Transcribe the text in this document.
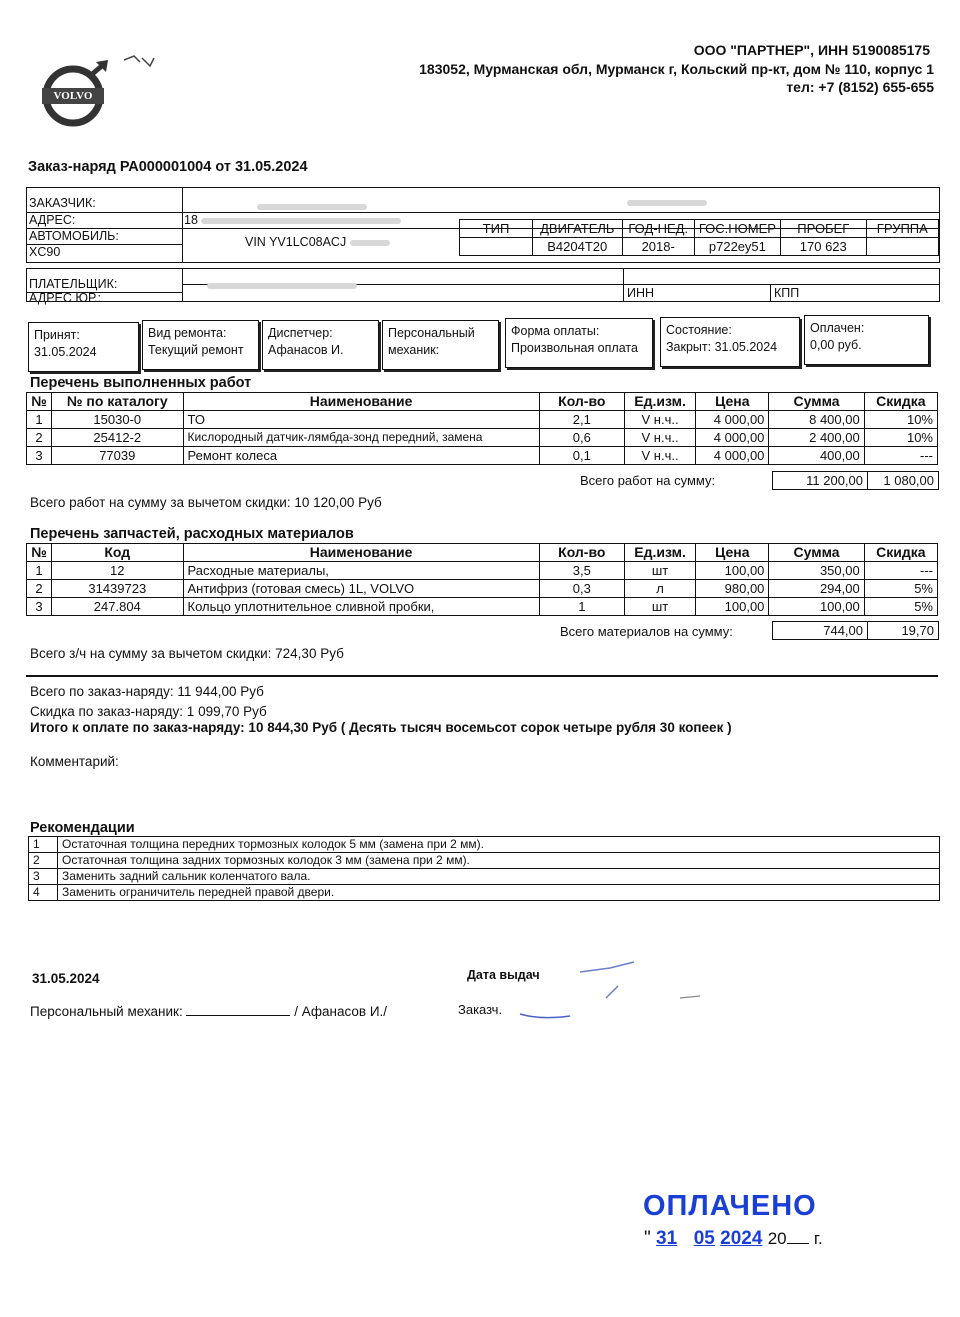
VOLVO
ООО "ПАРТНЕР", ИНН 5190085175
183052, Мурманская обл, Мурманск г, Кольский пр-кт, дом № 110, корпус 1
тел: +7 (8152) 655-655
Заказ-наряд РА000001004 от 31.05.2024
ЗАКАЗЧИК:
АДРЕС:	18
АВТОМОБИЛЬ:
XC90
VIN YV1LC08ACJ
ТИП	ДВИГАТЕЛЬ	ГОД-НЕД.	ГОС.НОМЕР	ПРОБЕГ	ГРУППА
	B4204T20	2018-	р722еу51	170 623	
ПЛАТЕЛЬЩИК:
АДРЕС ЮР.:	ИНН	КПП
Принят:
31.05.2024
Вид ремонта:
Текущий ремонт
Диспетчер:
Афанасов И.
Персональный
механик:
Форма оплаты:
Произвольная оплата
Состояние:
Закрыт: 31.05.2024
Оплачен:
0,00 руб.
Перечень выполненных работ
№	№ по каталогу	Наименование	Кол-во	Ед.изм.	Цена	Сумма	Скидка
1	15030-0	ТО	2,1	V н.ч..	4 000,00	8 400,00	10%
2	25412-2	Кислородный датчик-лямбда-зонд передний, замена	0,6	V н.ч..	4 000,00	2 400,00	10%
3	77039	Ремонт колеса	0,1	V н.ч..	4 000,00	400,00	---
Всего работ на сумму:	11 200,00	1 080,00
Всего работ на сумму за вычетом скидки: 10 120,00 Руб
Перечень запчастей, расходных материалов
№	Код	Наименование	Кол-во	Ед.изм.	Цена	Сумма	Скидка
1	12	Расходные материалы,	3,5	шт	100,00	350,00	---
2	31439723	Антифриз (готовая смесь) 1L, VOLVO	0,3	л	980,00	294,00	5%
3	247.804	Кольцо уплотнительное сливной пробки,	1	шт	100,00	100,00	5%
Всего материалов на сумму:	744,00	19,70
Всего з/ч на сумму за вычетом скидки: 724,30 Руб
Всего по заказ-наряду: 11 944,00 Руб
Скидка по заказ-наряду: 1 099,70 Руб
Итого к оплате по заказ-наряду: 10 844,30 Руб ( Десять тысяч восемьсот сорок четыре рубля 30 копеек )
Комментарий:
Рекомендации
1	Остаточная толщина передних тормозных колодок 5 мм (замена при 2 мм).
2	Остаточная толщина задних тормозных колодок 3 мм (замена при 2 мм).
3	Заменить задний сальник коленчатого вала.
4	Заменить ограничитель передней правой двери.
31.05.2024
Персональный механик:	/ Афанасов И./
Дата выдач
Заказч.
ОПЛАЧЕНО
" 31 05 2024 20 г.
